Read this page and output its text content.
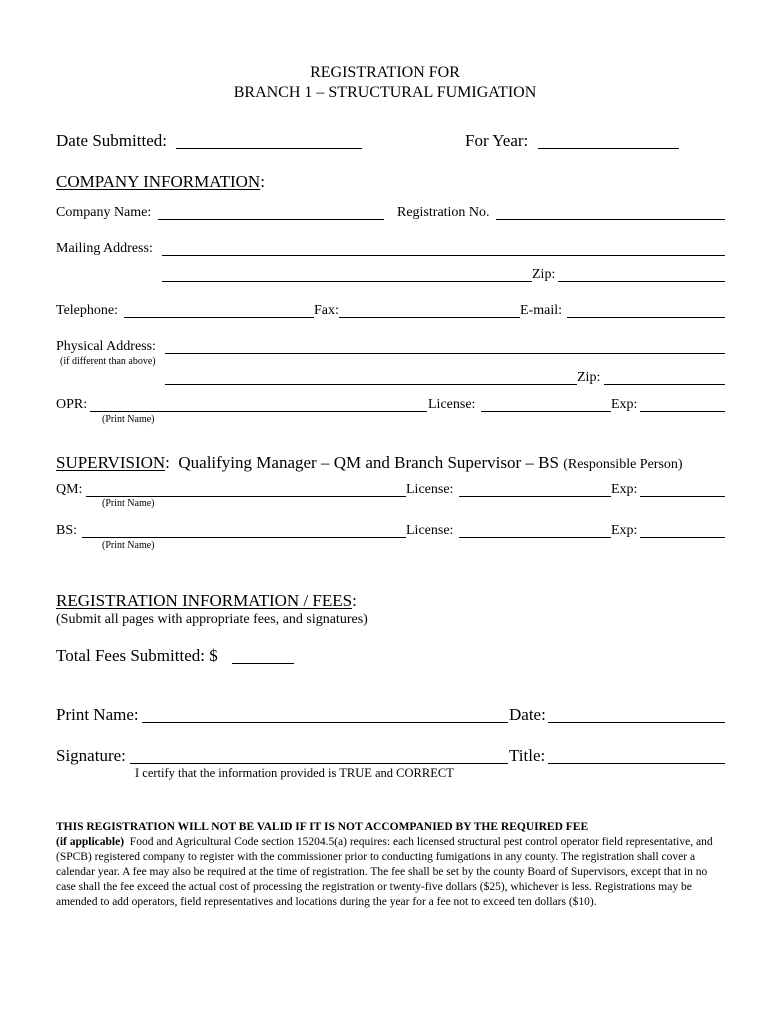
REGISTRATION FOR
BRANCH 1 – STRUCTURAL FUMIGATION
Date Submitted:	For Year:
COMPANY INFORMATION:
Company Name:	Registration No.
Mailing Address:
Zip:
Telephone:	Fax:	E-mail:
Physical Address:
(if different than above)
Zip:
OPR:	License:	Exp:
(Print Name)
SUPERVISION:  Qualifying Manager – QM and Branch Supervisor – BS (Responsible Person)
QM:	License:	Exp:
(Print Name)
BS:	License:	Exp:
(Print Name)
REGISTRATION INFORMATION / FEES:
(Submit all pages with appropriate fees, and signatures)
Total Fees Submitted: $
Print Name:	Date:
Signature:	Title:
I certify that the information provided is TRUE and CORRECT
THIS REGISTRATION WILL NOT BE VALID IF IT IS NOT ACCOMPANIED BY THE REQUIRED FEE
(if applicable) Food and Agricultural Code section 15204.5(a) requires: each licensed structural pest control operator field representative, and (SPCB) registered company to register with the commissioner prior to conducting fumigations in any county. The registration shall cover a calendar year. A fee may also be required at the time of registration. The fee shall be set by the county Board of Supervisors, except that in no case shall the fee exceed the actual cost of processing the registration or twenty-five dollars ($25), whichever is less. Registrations may be amended to add operators, field representatives and locations during the year for a fee not to exceed ten dollars ($10).
